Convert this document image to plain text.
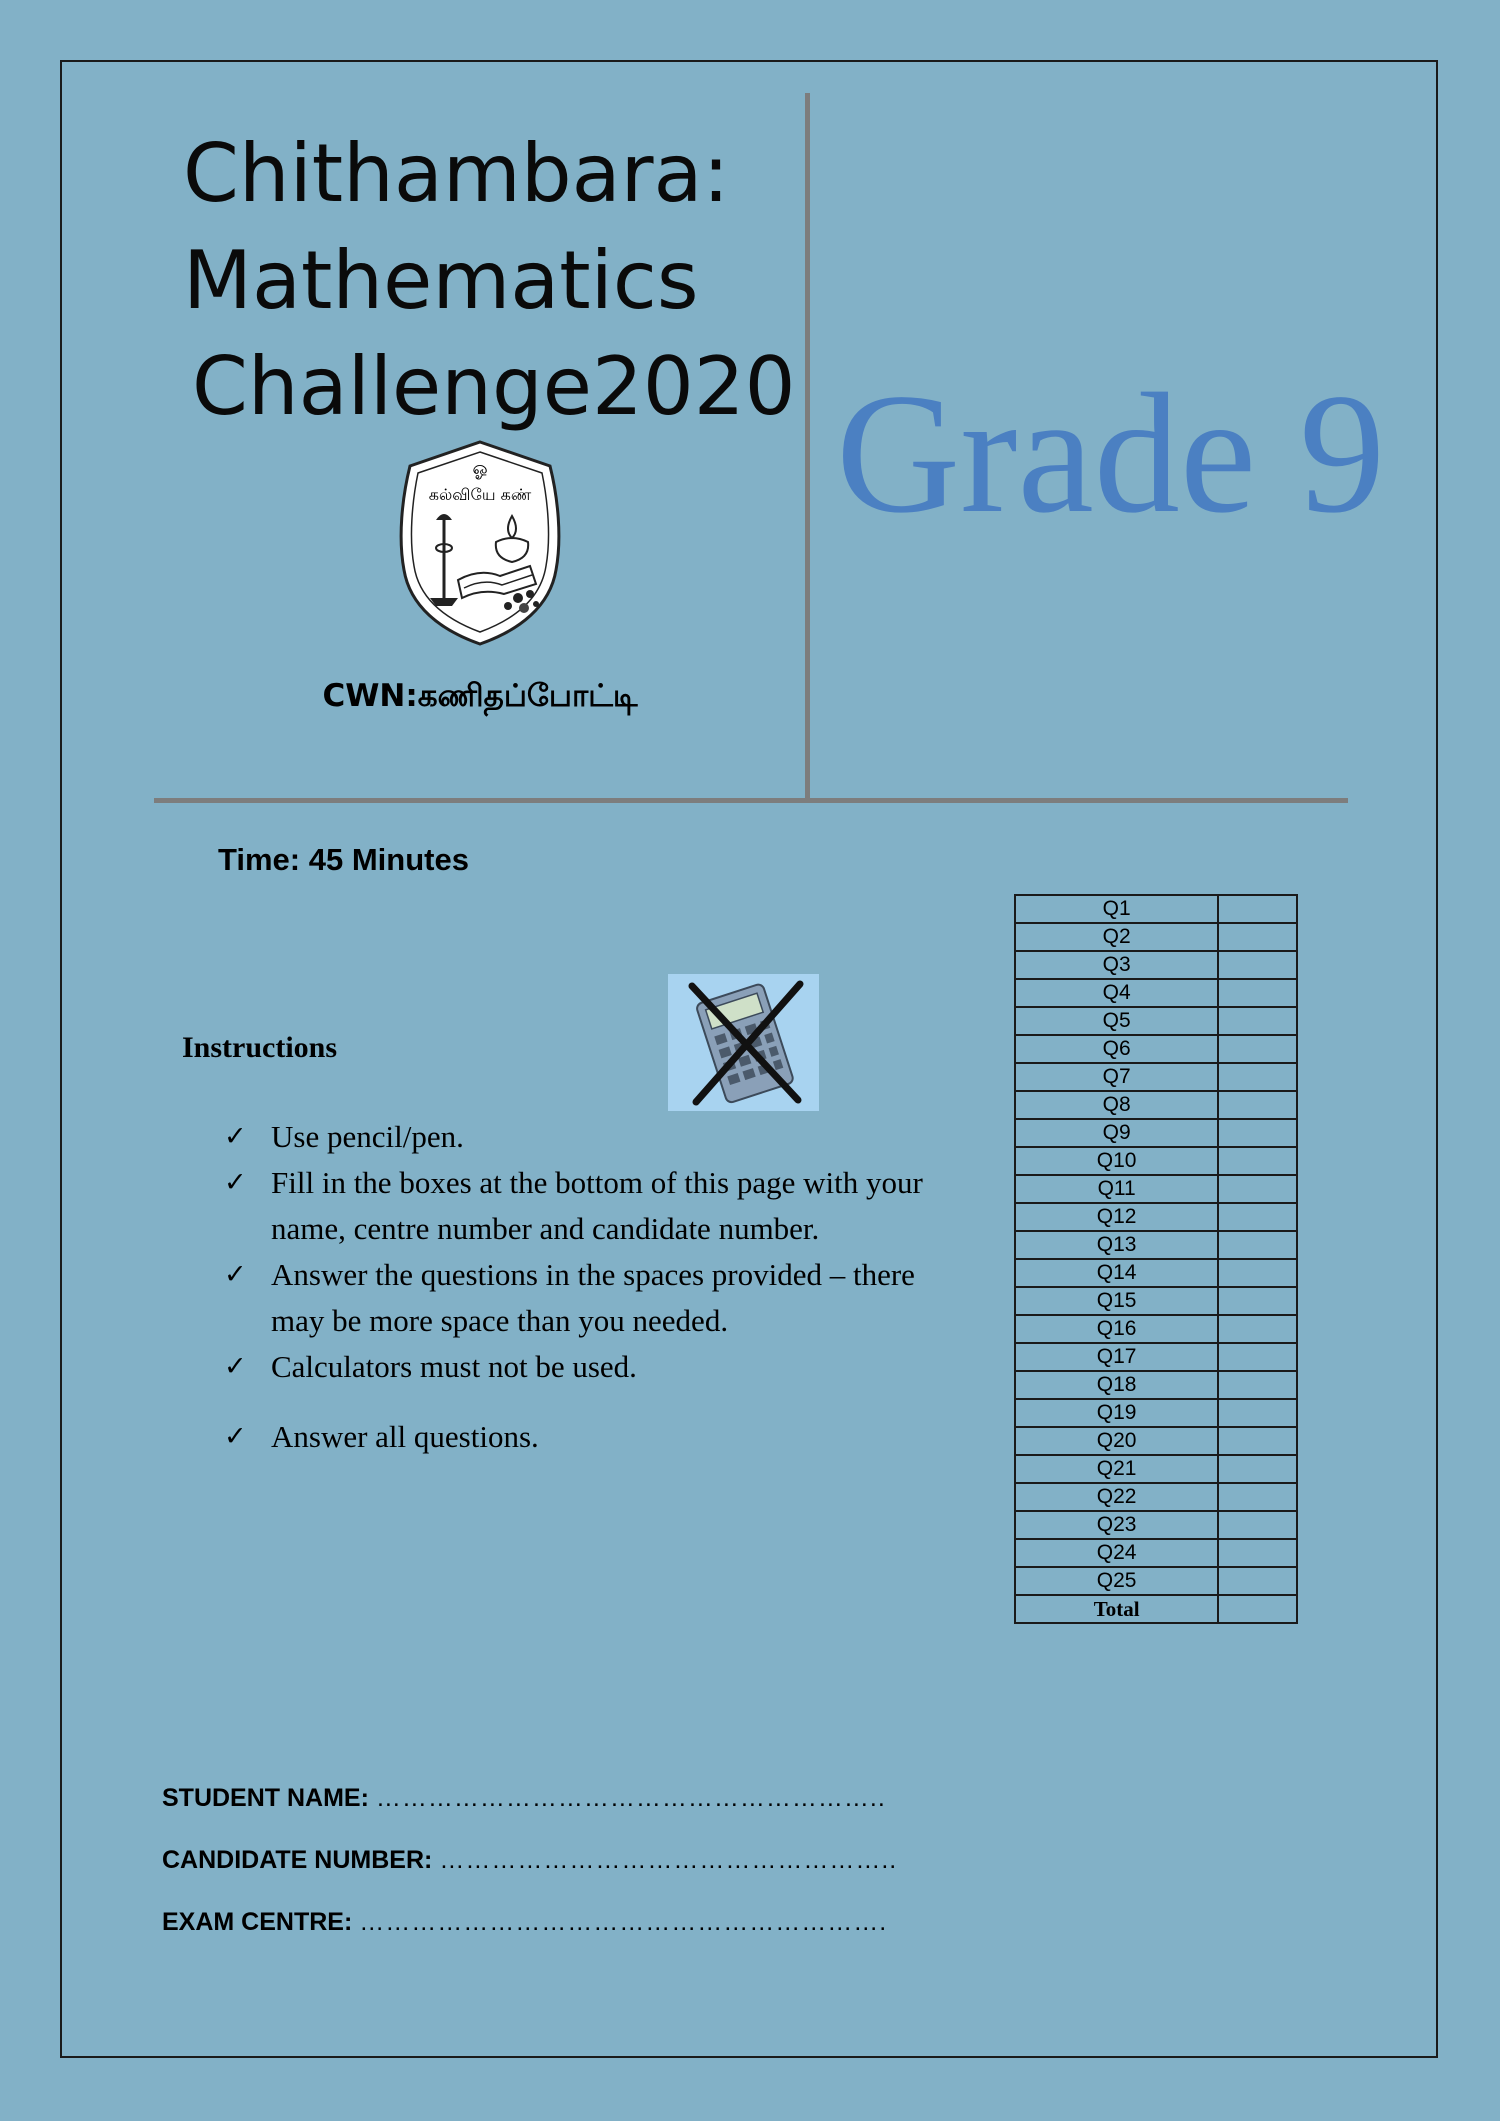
Chithambara:
Mathematics
Challenge2020
ஓ
கல்வியே கண்
CWN:கணிதப்போட்டி
Grade 9
Time: 45 Minutes
Instructions
✓ Use pencil/pen.
✓ Fill in the boxes at the bottom of this page with your name, centre number and candidate number.
✓ Answer the questions in the spaces provided – there may be more space than you needed.
✓ Calculators must not be used.
✓ Answer all questions.
Q1	
Q2	
Q3	
Q4	
Q5	
Q6	
Q7	
Q8	
Q9	
Q10	
Q11	
Q12	
Q13	
Q14	
Q15	
Q16	
Q17	
Q18	
Q19	
Q20	
Q21	
Q22	
Q23	
Q24	
Q25	
Total	
STUDENT NAME: …………………………………………………..
CANDIDATE NUMBER: ……………………………………………..
EXAM CENTRE: …………………………………………………….
